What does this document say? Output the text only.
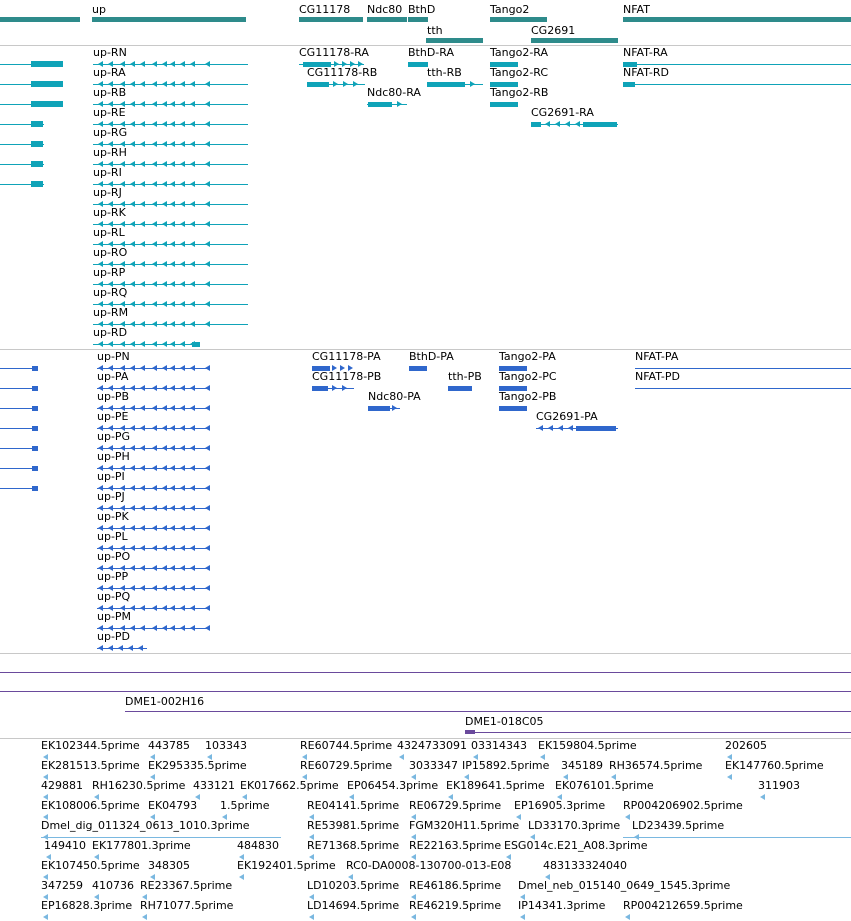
up	CG11178 Ndc80 BthD	Tango2	NFAT
tth	CG2691
up-RN
up-RA
up-RB
up-RE
up-RG
up-RH
up-RI
up-RJ
up-RK
up-RL
up-RO
up-RP
up-RQ
up-RM
up-RD
CG11178-RA
CG11178-RB
BthD-RA
tth-RB
Ndc80-RA
Tango2-RA
Tango2-RC
Tango2-RB
CG2691-RA
NFAT-RA
NFAT-RD
up-PN
up-PA
up-PB
up-PE
up-PG
up-PH
up-PI
up-PJ
up-PK
up-PL
up-PO
up-PP
up-PQ
up-PM
up-PD
CG11178-PA
CG11178-PB
BthD-PA
tth-PB
Ndc80-PA
Tango2-PA
Tango2-PC
Tango2-PB
CG2691-PA
NFAT-PA
NFAT-PD
DME1-002H16
DME1-018C05
EK102344.5prime 443785 103343	RE60744.5prime 4324733091 03314343 EK159804.5prime	202605
EK281513.5prime EK295335.5prime	RE60729.5prime 3033347 IP15892.5prime 345189 RH36574.5prime EK147760.5prime
429881 RH16230.5prime 433121 EK017662.5prime EP06454.3prime EK189641.5prime EK076101.5prime	311903
EK108006.5prime EK04793 1.5prime	RE04141.5prime RE06729.5prime EP16905.3prime RP004206902.5prime
Dmel_dig_011324_0613_1010.3prime	RE53981.5prime FGM320H11.5prime LD33170.3prime LD23439.5prime
149410 EK177801.3prime	484830	RE71368.5prime RE22163.5prime ESG014c.E21_A08.3prime
EK107450.5prime 348305	EK192401.5prime RC0-DA0008-130700-013-E08	483133324040
347259 410736 RE23367.5prime	LD10203.5prime RE46186.5prime Dmel_neb_015140_0649_1545.3prime
EP16828.3prime RH71077.5prime	LD14694.5prime RE46219.5prime IP14341.3prime RP004212659.5prime
